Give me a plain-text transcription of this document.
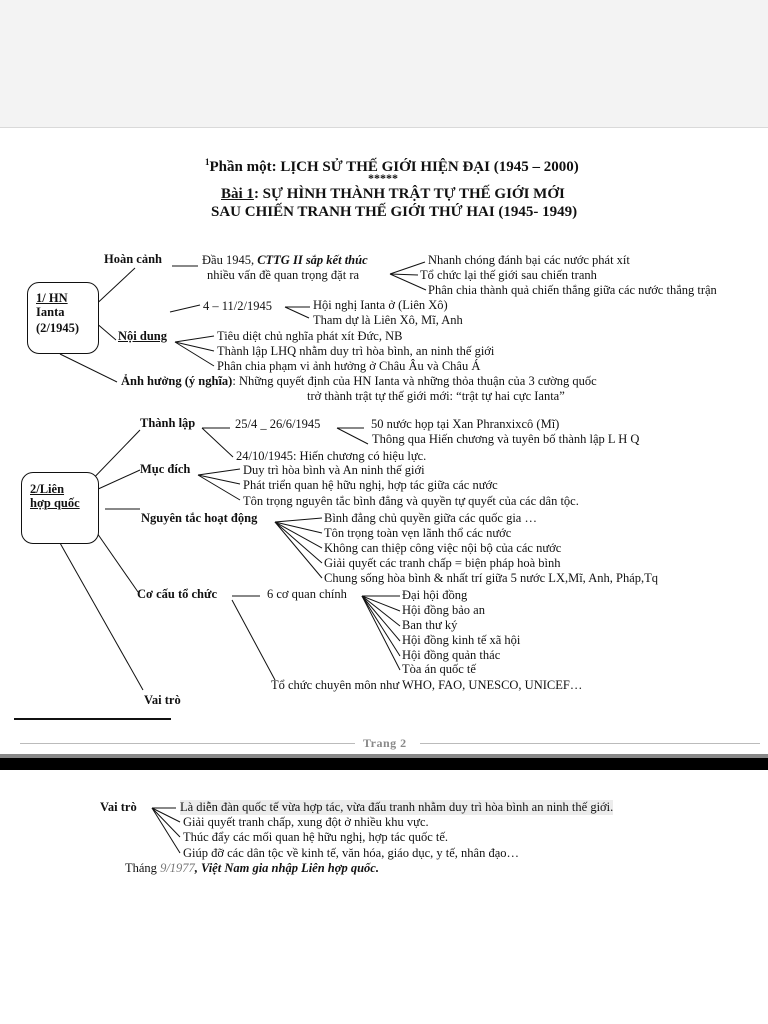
$^1$Phần một: LỊCH SỬ THẾ GIỚI HIỆN ĐẠI (1945 – 2000)
*****
Bài 1: SỰ HÌNH THÀNH TRẬT TỰ THẾ GIỚI MỚI
SAU CHIẾN TRANH THẾ GIỚI THỨ HAI (1945- 1949)
1/ HN
Ianta
(2/1945)
Hoàn cảnh	Đầu 1945, CTTG II sắp kết thúc
nhiều vấn đề quan trọng đặt ra
Nhanh chóng đánh bại các nước phát xít
Tổ chức lại thế giới sau chiến tranh
Phân chia thành quả chiến thắng giữa các nước thắng trận
4 – 11/2/1945	Hội nghị Ianta ở (Liên Xô)
Tham dự là Liên Xô, Mĩ, Anh
Nội dung	Tiêu diệt chủ nghĩa phát xít Đức, NB
Thành lập LHQ nhằm duy trì hòa bình, an ninh thế giới
Phân chia phạm vi ảnh hưởng ở Châu Âu và Châu Á
Ảnh hưởng (ý nghĩa): Những quyết định của HN Ianta và những thỏa thuận của 3 cường quốc
trở thành trật tự thế giới mới: “trật tự hai cực Ianta”
2/Liên
hợp quốc
Thành lập	25/4 _ 26/6/1945	50 nước họp tại Xan Phranxixcô (Mĩ)
Thông qua Hiến chương và tuyên bố thành lập L H Q
24/10/1945: Hiến chương có hiệu lực.
Mục đích	Duy trì hòa bình và An ninh thế giới
Phát triển quan hệ hữu nghị, hợp tác giữa các nước
Tôn trọng nguyên tắc bình đẳng và quyền tự quyết của các dân tộc.
Nguyên tắc hoạt động	Bình đẳng chủ quyền giữa các quốc gia …
Tôn trọng toàn vẹn lãnh thổ các nước
Không can thiệp công việc nội bộ của các nước
Giải quyết các tranh chấp = biện pháp hoà bình
Chung sống hòa bình & nhất trí giữa 5 nước LX,Mĩ, Anh, Pháp,Tq
Cơ cấu tổ chức	6 cơ quan chính	Đại hội đồng
Hội đồng bảo an
Ban thư ký
Hội đồng kinh tế xã hội
Hội đồng quản thác
Tòa án quốc tế
Tổ chức chuyên môn như WHO, FAO, UNESCO, UNICEF…
Vai trò
Trang 2
Vai trò	Là diễn đàn quốc tế vừa hợp tác, vừa đấu tranh nhằm duy trì hòa bình an ninh thế giới.
Giải quyết tranh chấp, xung đột ở nhiều khu vực.
Thúc đẩy các mối quan hệ hữu nghị, hợp tác quốc tế.
Giúp đỡ các dân tộc về kinh tế, văn hóa, giáo dục, y tế, nhân đạo…
Tháng 9/1977, Việt Nam gia nhập Liên hợp quốc.
